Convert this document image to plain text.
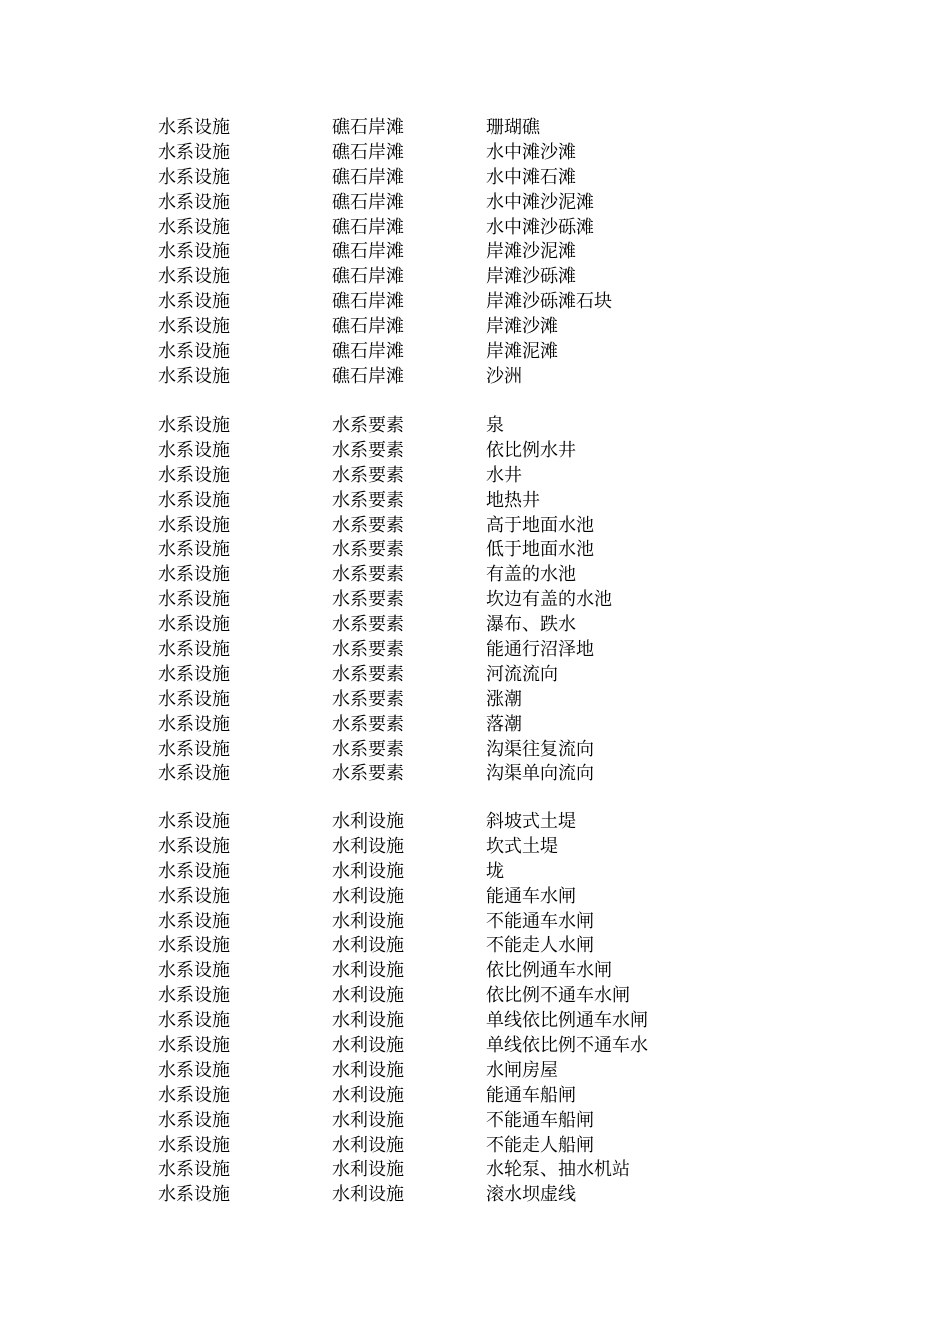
水系设施	礁石岸滩	珊瑚礁
水系设施	礁石岸滩	水中滩沙滩
水系设施	礁石岸滩	水中滩石滩
水系设施	礁石岸滩	水中滩沙泥滩
水系设施	礁石岸滩	水中滩沙砾滩
水系设施	礁石岸滩	岸滩沙泥滩
水系设施	礁石岸滩	岸滩沙砾滩
水系设施	礁石岸滩	岸滩沙砾滩石块
水系设施	礁石岸滩	岸滩沙滩
水系设施	礁石岸滩	岸滩泥滩
水系设施	礁石岸滩	沙洲
水系设施	水系要素	泉
水系设施	水系要素	依比例水井
水系设施	水系要素	水井
水系设施	水系要素	地热井
水系设施	水系要素	高于地面水池
水系设施	水系要素	低于地面水池
水系设施	水系要素	有盖的水池
水系设施	水系要素	坎边有盖的水池
水系设施	水系要素	瀑布、跌水
水系设施	水系要素	能通行沼泽地
水系设施	水系要素	河流流向
水系设施	水系要素	涨潮
水系设施	水系要素	落潮
水系设施	水系要素	沟渠往复流向
水系设施	水系要素	沟渠单向流向
水系设施	水利设施	斜坡式土堤
水系设施	水利设施	坎式土堤
水系设施	水利设施	垅
水系设施	水利设施	能通车水闸
水系设施	水利设施	不能通车水闸
水系设施	水利设施	不能走人水闸
水系设施	水利设施	依比例通车水闸
水系设施	水利设施	依比例不通车水闸
水系设施	水利设施	单线依比例通车水闸
水系设施	水利设施	单线依比例不通车水
水系设施	水利设施	水闸房屋
水系设施	水利设施	能通车船闸
水系设施	水利设施	不能通车船闸
水系设施	水利设施	不能走人船闸
水系设施	水利设施	水轮泵、抽水机站
水系设施	水利设施	滚水坝虚线
